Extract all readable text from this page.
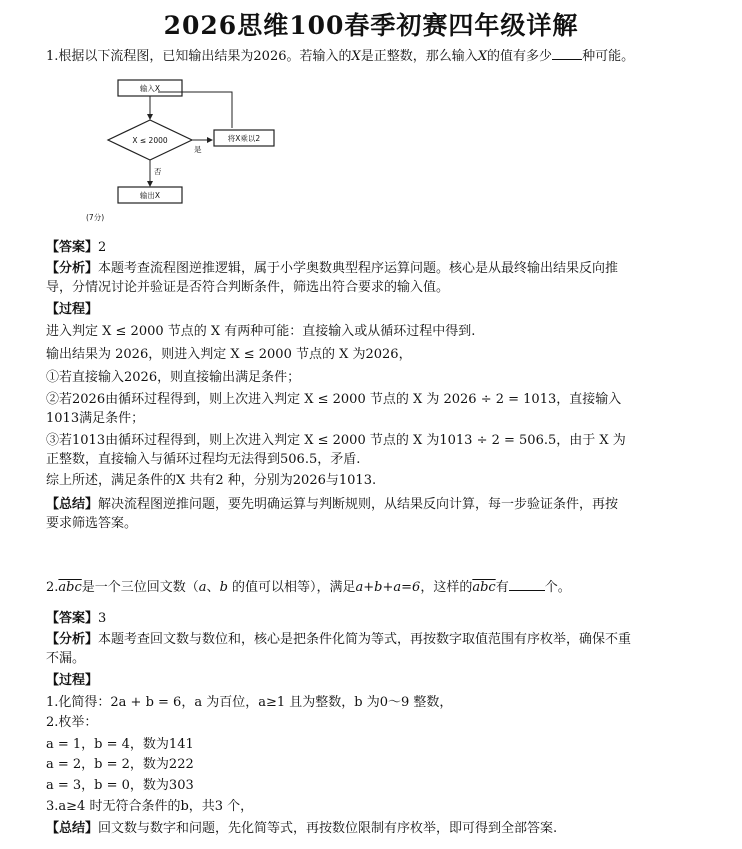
2026思维100春季初赛四年级详解
1.根据以下流程图，已知输出结果为2026。若输入的X是正整数，那么输入X的值有多少 种可能。
输入X
X ≤ 2000
是
将X乘以2
否
输出X
(7分)
【答案】2
【分析】本题考查流程图逆推逻辑，属于小学奥数典型程序运算问题。核心是从最终输出结果反向推
导，分情况讨论并验证是否符合判断条件，筛选出符合要求的输入值。
【过程】
进入判定 X ≤ 2000 节点的 X 有两种可能：直接输入或从循环过程中得到.
输出结果为 2026，则进入判定 X ≤ 2000 节点的 X 为2026，
①若直接输入2026，则直接输出满足条件；
②若2026由循环过程得到，则上次进入判定 X ≤ 2000 节点的 X 为 2026 ÷ 2 = 1013，直接输入
1013满足条件；
③若1013由循环过程得到，则上次进入判定 X ≤ 2000 节点的 X 为1013 ÷ 2 = 506.5，由于 X 为
正整数，直接输入与循环过程均无法得到506.5，矛盾.
综上所述，满足条件的X 共有2 种，分别为2026与1013.
【总结】解决流程图逆推问题，要先明确运算与判断规则，从结果反向计算，每一步验证条件，再按
要求筛选答案。
$2.\overline{abc}$是一个三位回文数（a、b 的值可以相等），满足a+b+a=6，这样的$\overline{abc}$有	个。
【答案】3
【分析】本题考查回文数与数位和，核心是把条件化简为等式，再按数字取值范围有序枚举，确保不重
不漏。
【过程】
1.化简得：2a + b = 6，a 为百位，a≥1 且为整数，b 为0～9 整数，
2.枚举：
a = 1，b = 4，数为141
a = 2，b = 2，数为222
a = 3，b = 0，数为303
3.a≥4 时无符合条件的b，共3 个，
【总结】回文数与数字和问题，先化简等式，再按数位限制有序枚举，即可得到全部答案.
